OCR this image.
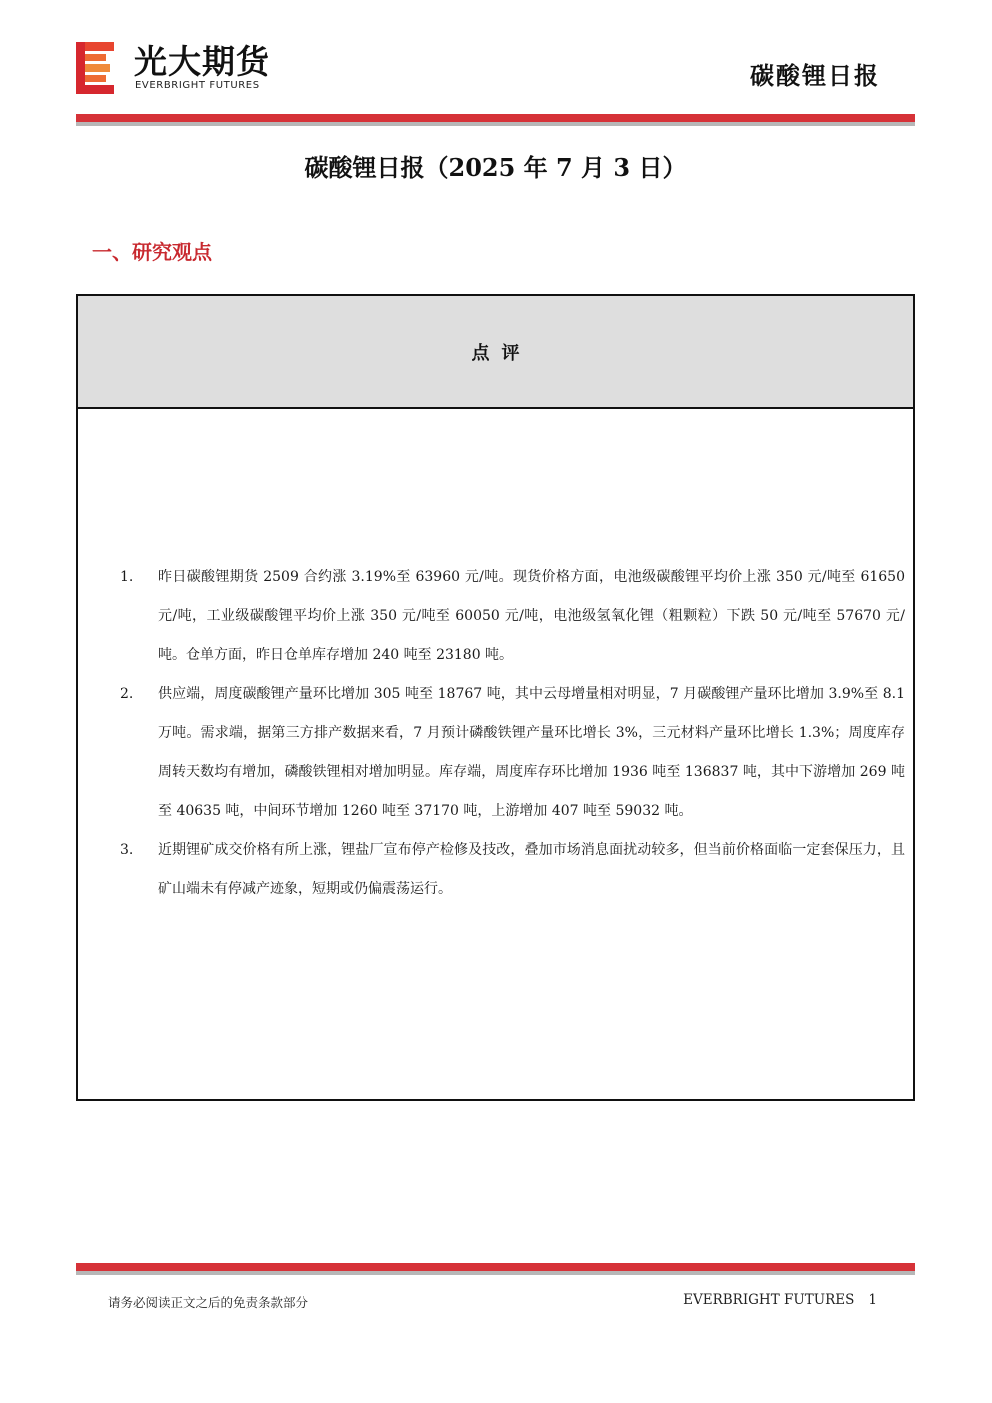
光大期货
EVERBRIGHT FUTURES	碳酸锂日报
碳酸锂日报（2025 年 7 月 3 日）
一、研究观点
点评
1.	昨日碳酸锂期货 2509 合约涨 3.19%至 63960 元/吨。现货价格方面，电池级碳酸锂平均价上涨 350 元/吨至 61650 元/吨，工业级碳酸锂平均价上涨 350 元/吨至 60050 元/吨，电池级氢氧化锂（粗颗粒）下跌 50 元/吨至 57670 元/吨。仓单方面，昨日仓单库存增加 240 吨至 23180 吨。
2.	供应端，周度碳酸锂产量环比增加 305 吨至 18767 吨，其中云母增量相对明显，7 月碳酸锂产量环比增加 3.9%至 8.1 万吨。需求端，据第三方排产数据来看，7 月预计磷酸铁锂产量环比增长 3%，三元材料产量环比增长 1.3%；周度库存周转天数均有增加，磷酸铁锂相对增加明显。库存端，周度库存环比增加 1936 吨至 136837 吨，其中下游增加 269 吨至 40635 吨，中间环节增加 1260 吨至 37170 吨，上游增加 407 吨至 59032 吨。
3.	近期锂矿成交价格有所上涨，锂盐厂宣布停产检修及技改，叠加市场消息面扰动较多，但当前价格面临一定套保压力，且矿山端未有停减产迹象，短期或仍偏震荡运行。
请务必阅读正文之后的免责条款部分	EVERBRIGHT FUTURES 1
